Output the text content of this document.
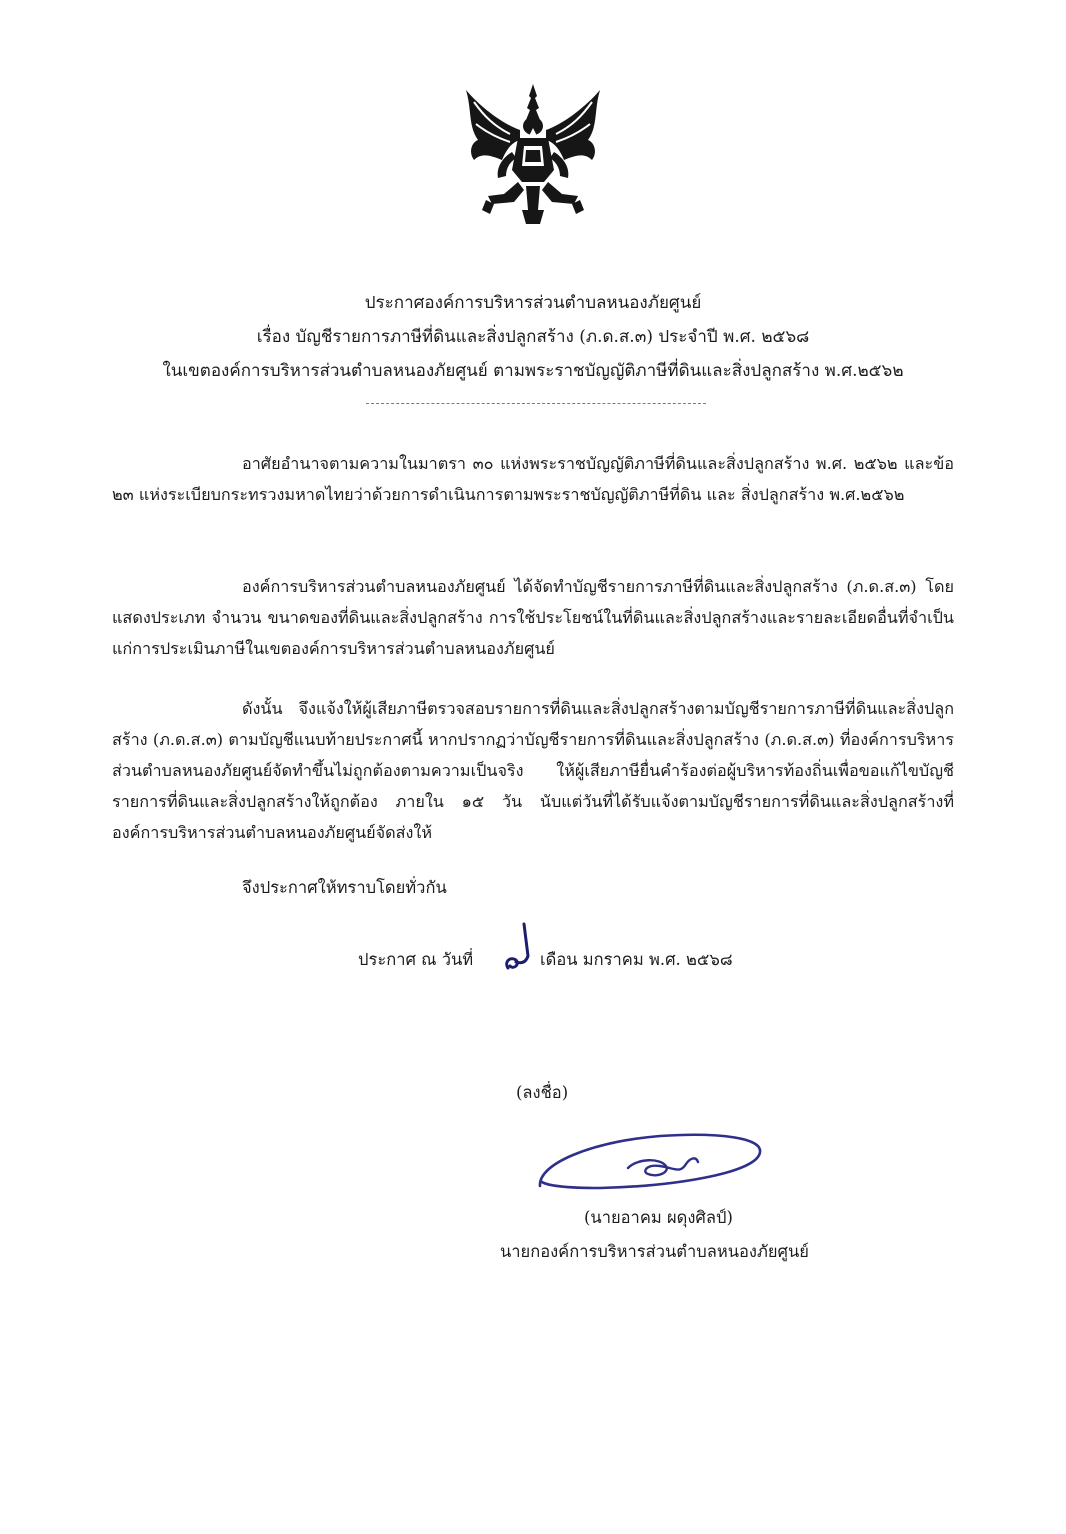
ประกาศองค์การบริหารส่วนตำบลหนองภัยศูนย์
เรื่อง บัญชีรายการภาษีที่ดินและสิ่งปลูกสร้าง (ภ.ด.ส.๓) ประจำปี พ.ศ. ๒๕๖๘
ในเขตองค์การบริหารส่วนตำบลหนองภัยศูนย์ ตามพระราชบัญญัติภาษีที่ดินและสิ่งปลูกสร้าง พ.ศ.๒๕๖๒

อาศัยอำนาจตามความในมาตรา ๓๐ แห่งพระราชบัญญัติภาษีที่ดินและสิ่งปลูกสร้าง พ.ศ. ๒๕๖๒ และข้อ ๒๓ แห่งระเบียบกระทรวงมหาดไทยว่าด้วยการดำเนินการตามพระราชบัญญัติภาษีที่ดิน และ สิ่งปลูกสร้าง พ.ศ.๒๕๖๒

องค์การบริหารส่วนตำบลหนองภัยศูนย์ ได้จัดทำบัญชีรายการภาษีที่ดินและสิ่งปลูกสร้าง (ภ.ด.ส.๓) โดยแสดงประเภท จำนวน ขนาดของที่ดินและสิ่งปลูกสร้าง การใช้ประโยชน์ในที่ดินและสิ่งปลูกสร้างและรายละเอียดอื่นที่จำเป็นแก่การประเมินภาษีในเขตองค์การบริหารส่วนตำบลหนองภัยศูนย์

ดังนั้น จึงแจ้งให้ผู้เสียภาษีตรวจสอบรายการที่ดินและสิ่งปลูกสร้างตามบัญชีรายการภาษีที่ดินและสิ่งปลูกสร้าง (ภ.ด.ส.๓) ตามบัญชีแนบท้ายประกาศนี้ หากปรากฏว่าบัญชีรายการที่ดินและสิ่งปลูกสร้าง (ภ.ด.ส.๓) ที่องค์การบริหารส่วนตำบลหนองภัยศูนย์จัดทำขึ้นไม่ถูกต้องตามความเป็นจริง ให้ผู้เสียภาษียื่นคำร้องต่อผู้บริหารท้องถิ่นเพื่อขอแก้ไขบัญชีรายการที่ดินและสิ่งปลูกสร้างให้ถูกต้อง ภายใน ๑๕ วัน นับแต่วันที่ได้รับแจ้งตามบัญชีรายการที่ดินและสิ่งปลูกสร้างที่องค์การบริหารส่วนตำบลหนองภัยศูนย์จัดส่งให้

จึงประกาศให้ทราบโดยทั่วกัน
ประกาศ ณ วันที่	เดือน มกราคม พ.ศ. ๒๕๖๘
(ลงชื่อ)
(นายอาคม ผดุงศิลป์)
นายกองค์การบริหารส่วนตำบลหนองภัยศูนย์
